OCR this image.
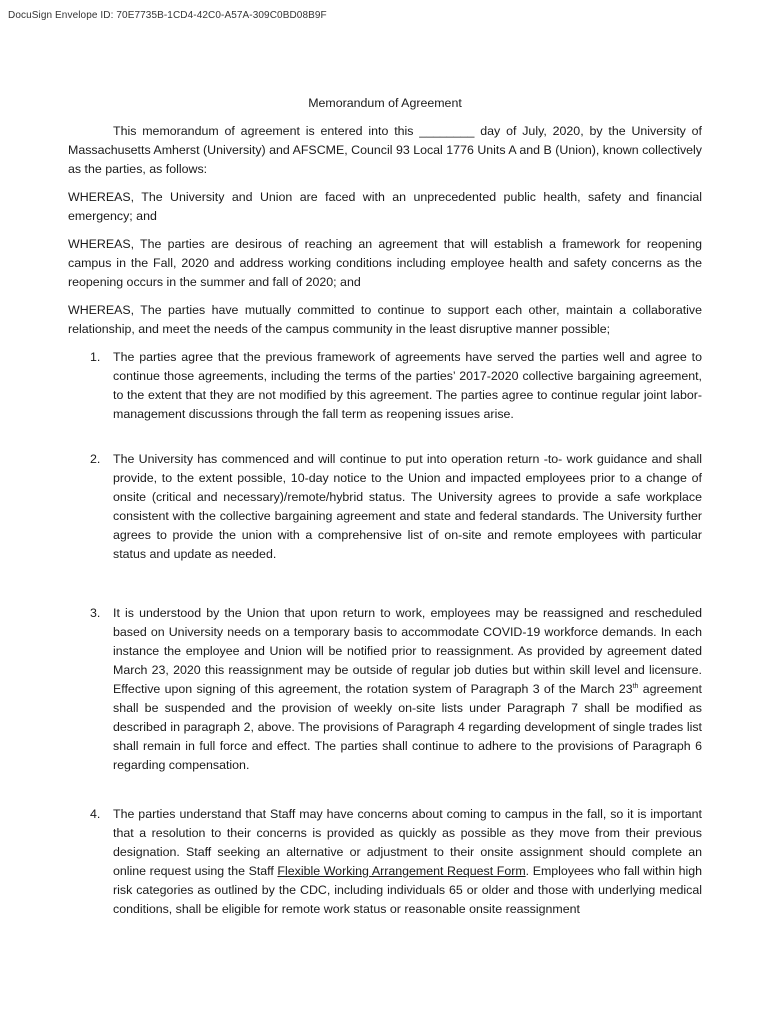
DocuSign Envelope ID: 70E7735B-1CD4-42C0-A57A-309C0BD08B9F
Memorandum of Agreement

This memorandum of agreement is entered into this ________ day of July, 2020, by the University of Massachusetts Amherst (University) and AFSCME, Council 93 Local 1776 Units A and B (Union), known collectively as the parties, as follows:

WHEREAS, The University and Union are faced with an unprecedented public health, safety and financial emergency; and

WHEREAS, The parties are desirous of reaching an agreement that will establish a framework for reopening campus in the Fall, 2020 and address working conditions including employee health and safety concerns as the reopening occurs in the summer and fall of 2020; and

WHEREAS, The parties have mutually committed to continue to support each other, maintain a collaborative relationship, and meet the needs of the campus community in the least disruptive manner possible;

1. The parties agree that the previous framework of agreements have served the parties well and agree to continue those agreements, including the terms of the parties’ 2017-2020 collective bargaining agreement, to the extent that they are not modified by this agreement. The parties agree to continue regular joint labor-management discussions through the fall term as reopening issues arise.
2. The University has commenced and will continue to put into operation return -to- work guidance and shall provide, to the extent possible, 10-day notice to the Union and impacted employees prior to a change of onsite (critical and necessary)/remote/hybrid status. The University agrees to provide a safe workplace consistent with the collective bargaining agreement and state and federal standards. The University further agrees to provide the union with a comprehensive list of on-site and remote employees with particular status and update as needed.
3. It is understood by the Union that upon return to work, employees may be reassigned and rescheduled based on University needs on a temporary basis to accommodate COVID-19 workforce demands. In each instance the employee and Union will be notified prior to reassignment. As provided by agreement dated March 23, 2020 this reassignment may be outside of regular job duties but within skill level and licensure. Effective upon signing of this agreement, the rotation system of Paragraph 3 of the March 23th agreement shall be suspended and the provision of weekly on-site lists under Paragraph 7 shall be modified as described in paragraph 2, above. The provisions of Paragraph 4 regarding development of single trades list shall remain in full force and effect. The parties shall continue to adhere to the provisions of Paragraph 6 regarding compensation.
4. The parties understand that Staff may have concerns about coming to campus in the fall, so it is important that a resolution to their concerns is provided as quickly as possible as they move from their previous designation. Staff seeking an alternative or adjustment to their onsite assignment should complete an online request using the Staff Flexible Working Arrangement Request Form. Employees who fall within high risk categories as outlined by the CDC, including individuals 65 or older and those with underlying medical conditions, shall be eligible for remote work status or reasonable onsite reassignment
